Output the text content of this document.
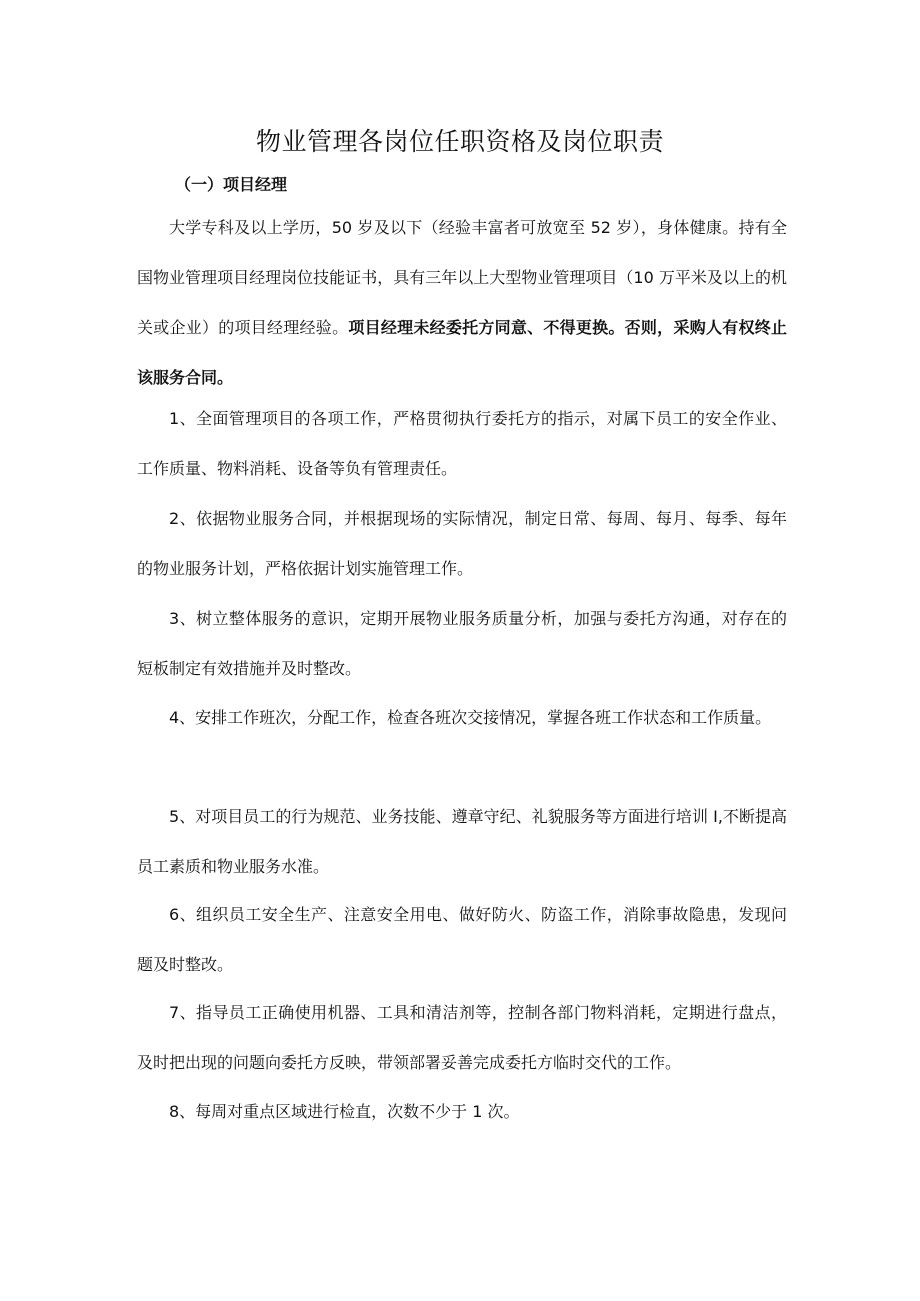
物业管理各岗位任职资格及岗位职责
（一）项目经理

大学专科及以上学历，50 岁及以下（经验丰富者可放宽至 52 岁），身体健康。持有全国物业管理项目经理岗位技能证书，具有三年以上大型物业管理项目（10 万平米及以上的机关或企业）的项目经理经验。项目经理未经委托方同意、不得更换。否则，采购人有权终止该服务合同。

1、全面管理项目的各项工作，严格贯彻执行委托方的指示，对属下员工的安全作业、工作质量、物料消耗、设备等负有管理责任。

2、依据物业服务合同，并根据现场的实际情况，制定日常、每周、每月、每季、每年的物业服务计划，严格依据计划实施管理工作。

3、树立整体服务的意识，定期开展物业服务质量分析，加强与委托方沟通，对存在的短板制定有效措施并及时整改。

4、安排工作班次，分配工作，检查各班次交接情况，掌握各班工作状态和工作质量。

5、对项目员工的行为规范、业务技能、遵章守纪、礼貌服务等方面进行培训 I,不断提高员工素质和物业服务水准。

6、组织员工安全生产、注意安全用电、做好防火、防盗工作，消除事故隐患，发现问题及时整改。

7、指导员工正确使用机器、工具和清洁剂等，控制各部门物料消耗，定期进行盘点，及时把出现的问题向委托方反映，带领部署妥善完成委托方临时交代的工作。

8、每周对重点区域进行检直，次数不少于 1 次。
